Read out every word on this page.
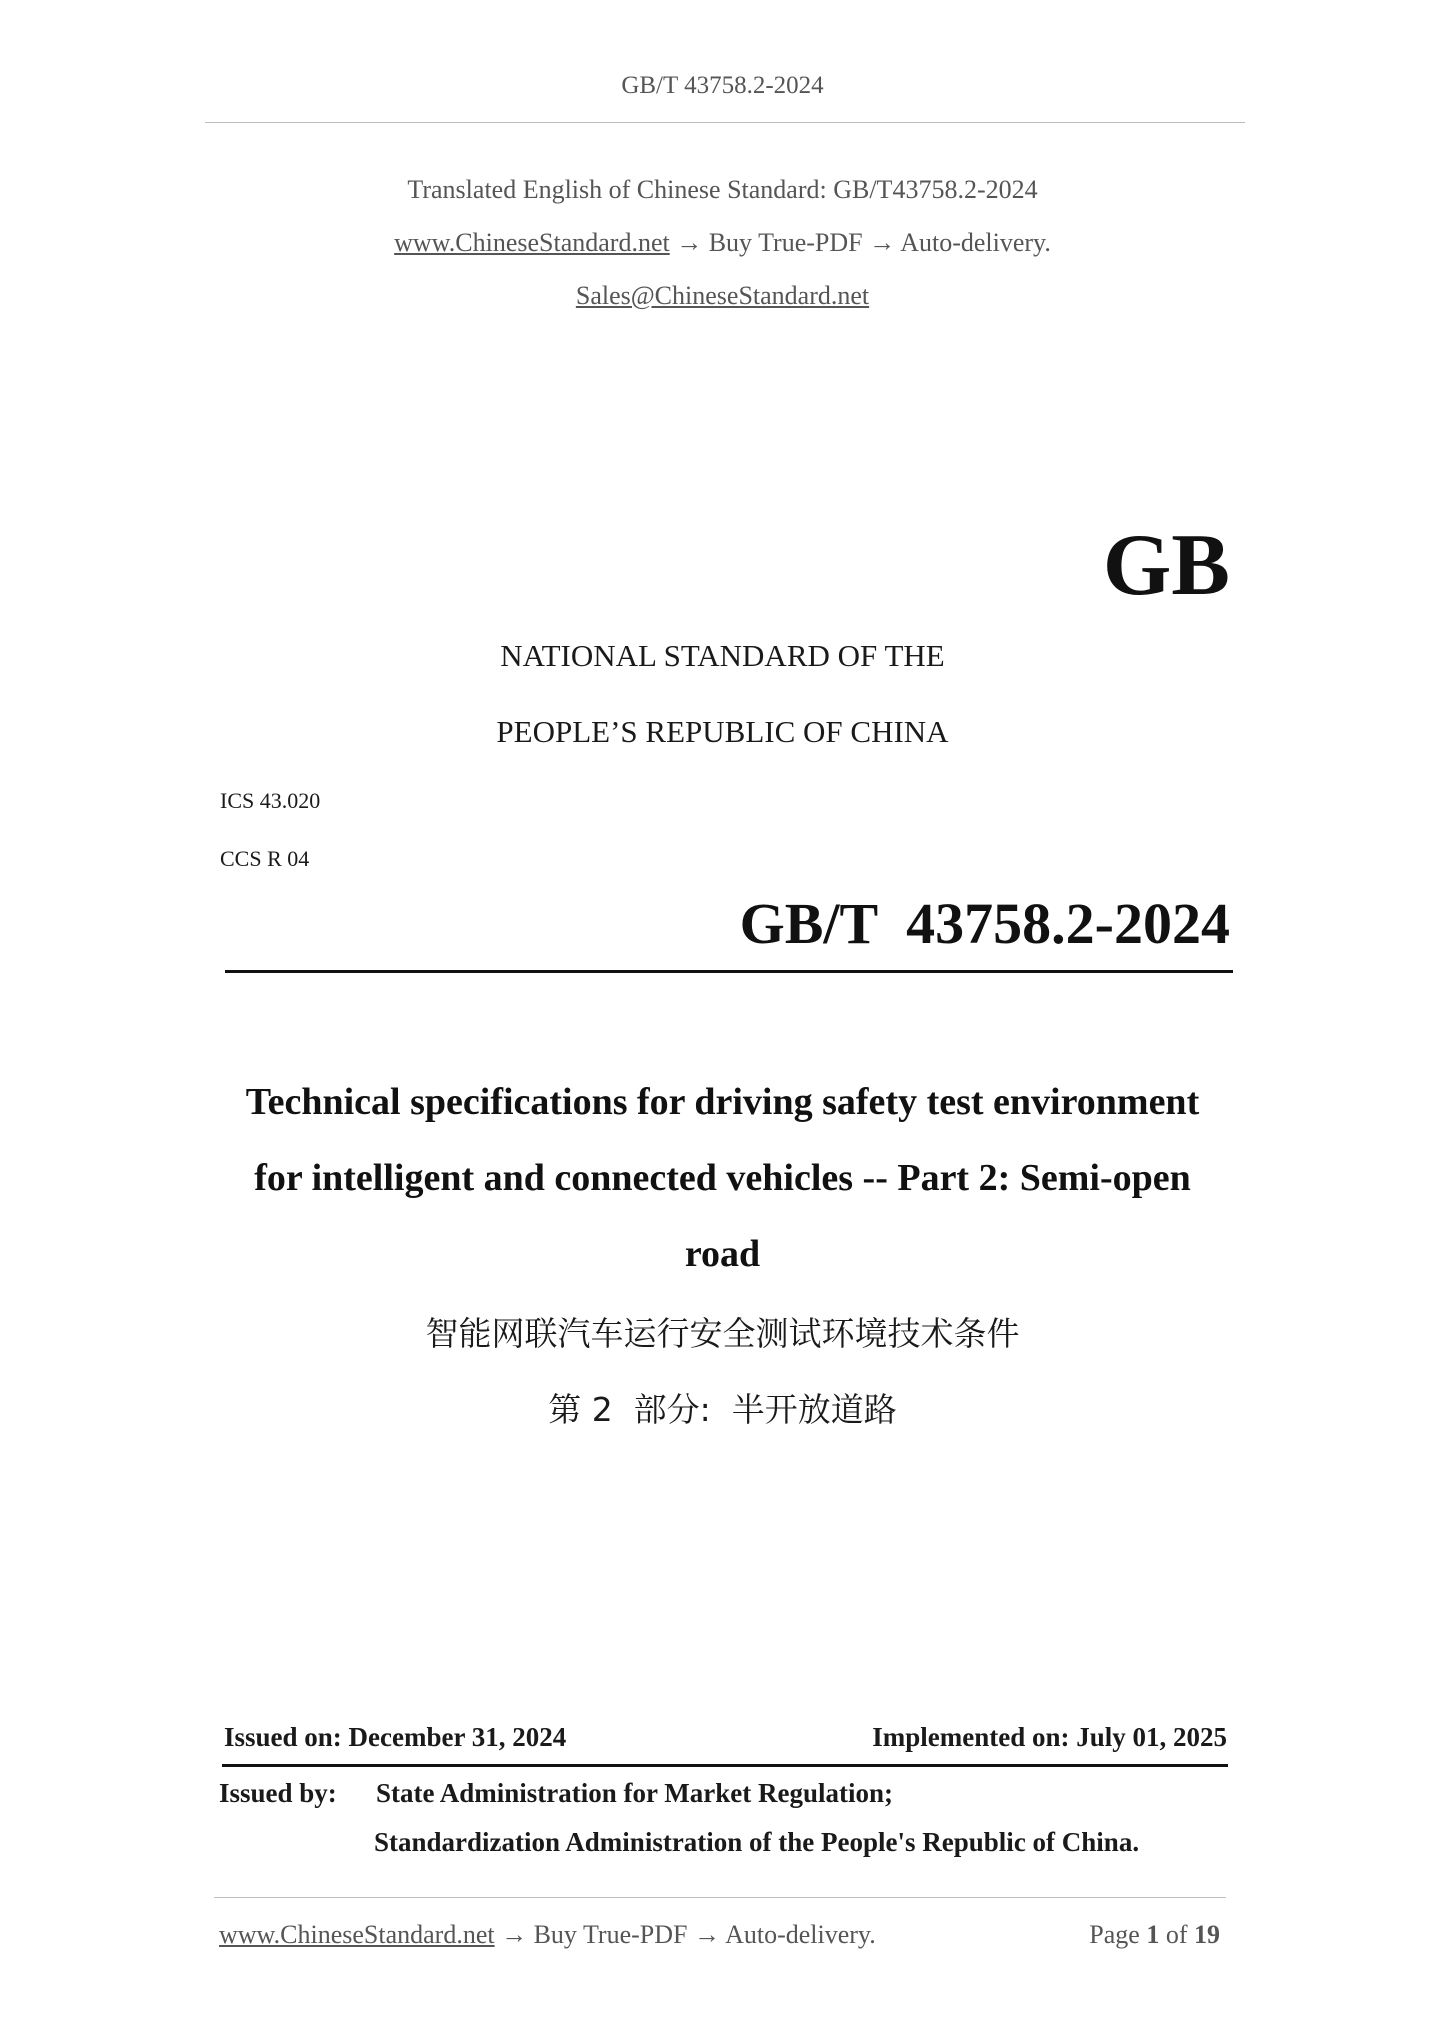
GB/T 43758.2-2024
Translated English of Chinese Standard: GB/T43758.2-2024
www.ChineseStandard.net → Buy True-PDF → Auto-delivery.
Sales@ChineseStandard.net
GB
NATIONAL STANDARD OF THE
PEOPLE’S REPUBLIC OF CHINA
ICS 43.020
CCS R 04
GB/T  43758.2-2024
Technical specifications for driving safety test environment
for intelligent and connected vehicles -- Part 2: Semi-open
road
智能网联汽车运行安全测试环境技术条件
第 2  部分:  半开放道路
Issued on: December 31, 2024	Implemented on: July 01, 2025
Issued by: State Administration for Market Regulation;
Standardization Administration of the People's Republic of China.
www.ChineseStandard.net → Buy True-PDF → Auto-delivery.	Page 1 of 19
